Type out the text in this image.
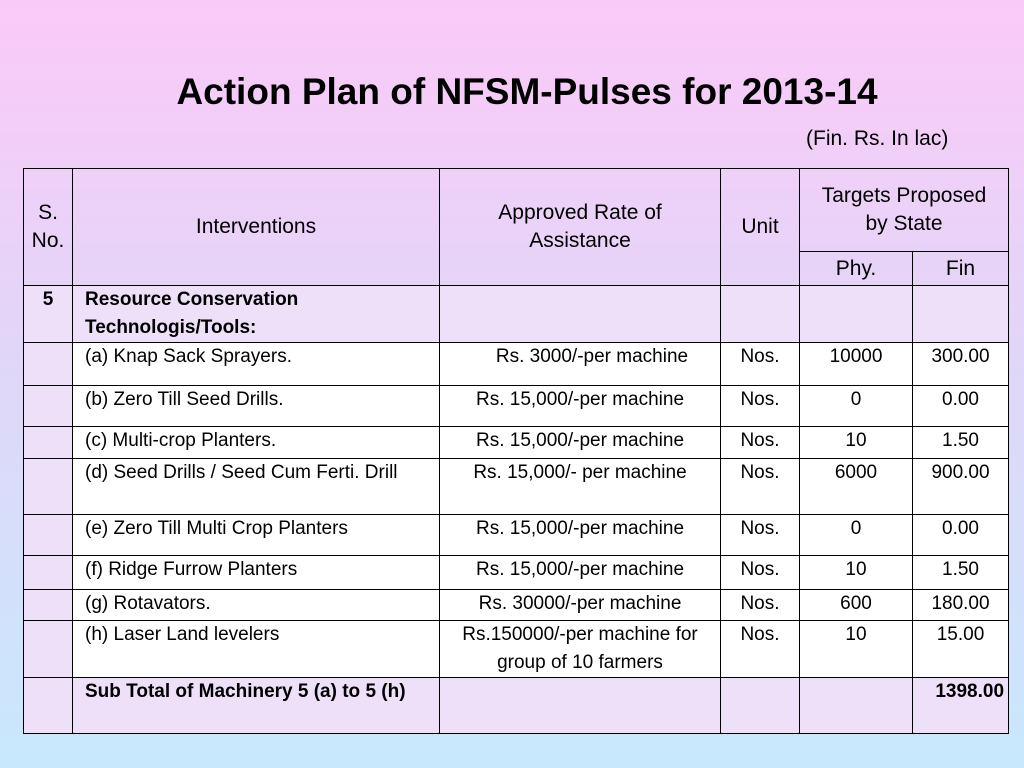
Action Plan of NFSM-Pulses for 2013-14
(Fin. Rs. In lac)
S. No.	Interventions	Approved Rate of Assistance	Unit	Targets Proposed by State	
				Phy.	Fin
5	Resource Conservation Technologis/Tools:				
	(a) Knap Sack Sprayers.	Rs. 3000/-per machine	Nos.	10000	300.00
	(b) Zero Till Seed Drills.	Rs. 15,000/-per machine	Nos.	0	0.00
	(c) Multi-crop Planters.	Rs. 15,000/-per machine	Nos.	10	1.50
	(d) Seed Drills / Seed Cum Ferti. Drill	Rs. 15,000/- per machine	Nos.	6000	900.00
	(e) Zero Till Multi Crop Planters	Rs. 15,000/-per machine	Nos.	0	0.00
	(f) Ridge Furrow Planters	Rs. 15,000/-per machine	Nos.	10	1.50
	(g) Rotavators.	Rs. 30000/-per machine	Nos.	600	180.00
	(h) Laser Land levelers	Rs.150000/-per machine for group of 10 farmers	Nos.	10	15.00
	Sub Total of Machinery 5 (a) to 5 (h)				1398.00
